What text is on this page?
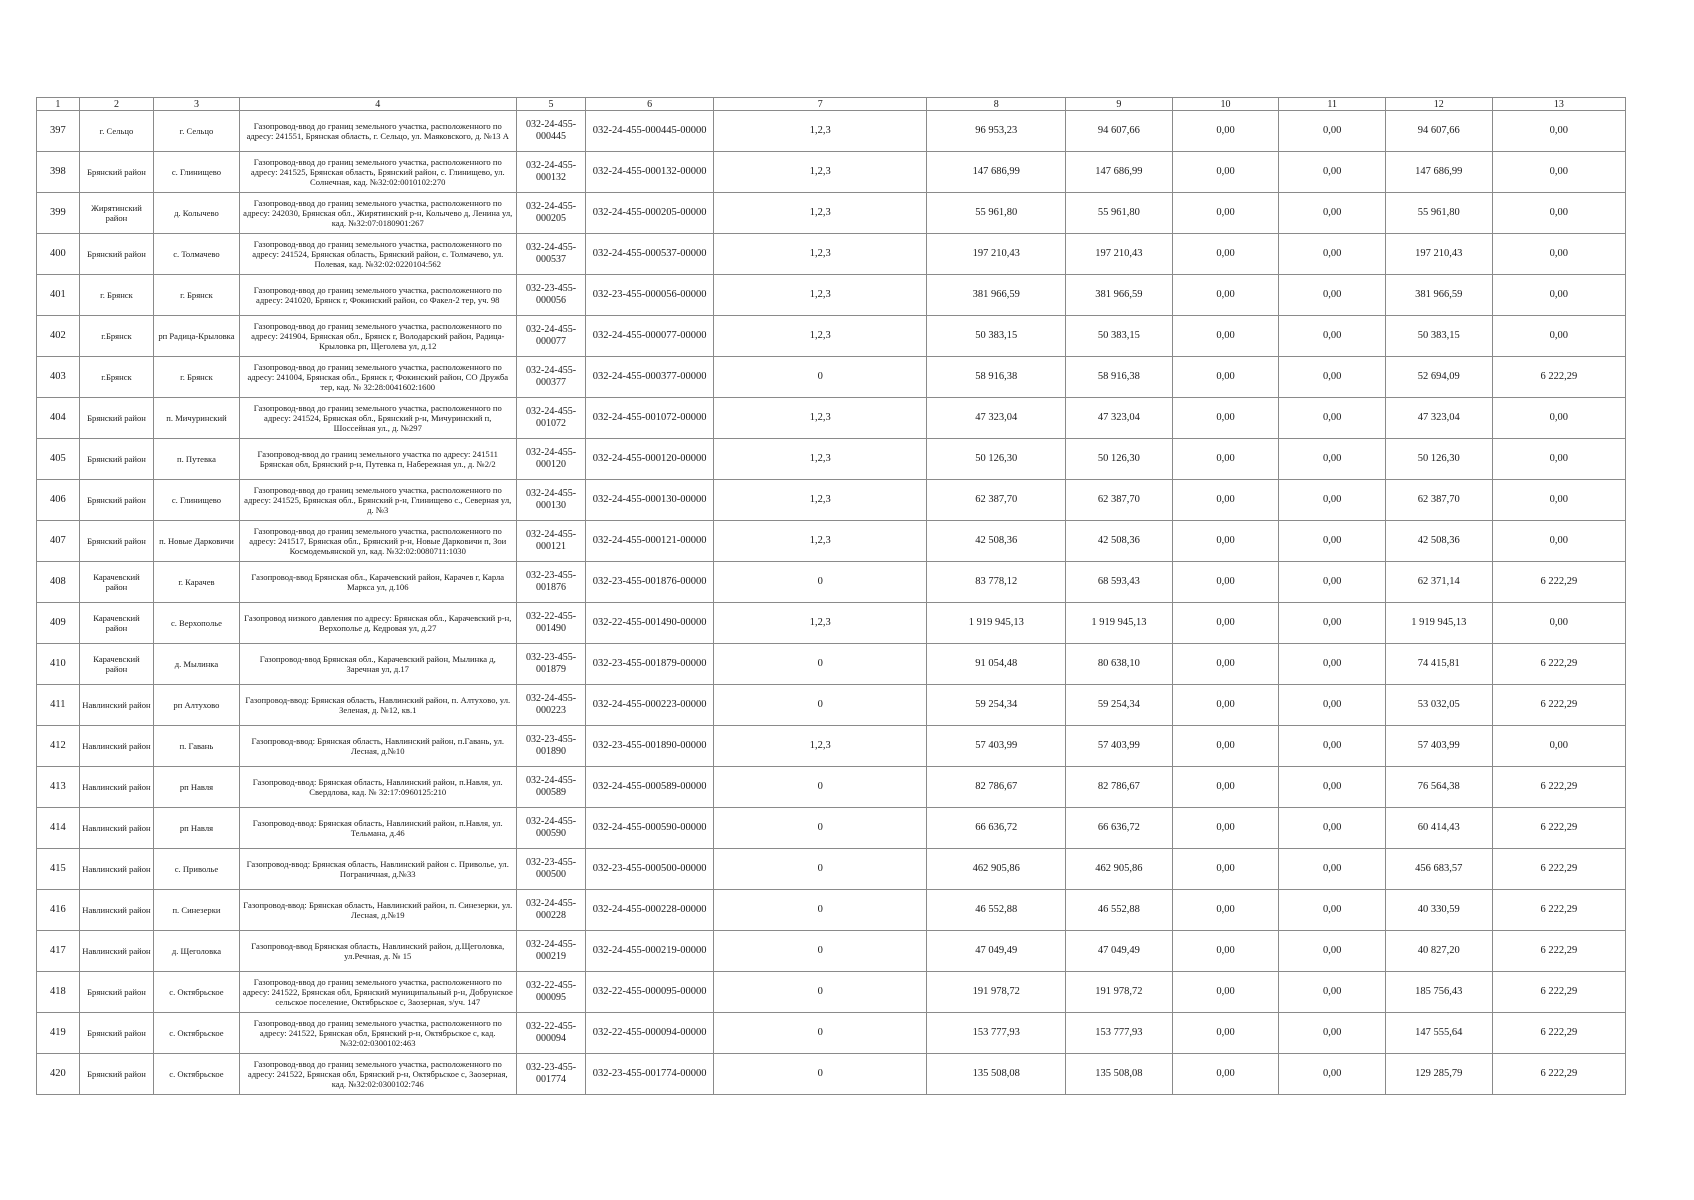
1	2	3	4	5	6	7	8	9	10	11	12	13
397	г. Сельцо	г. Сельцо	Газопровод-ввод до границ земельного участка, расположенного по адресу: 241551, Брянская область, г. Сельцо, ул. Маяковского, д. №13 А	032-24-455-000445	032-24-455-000445-00000	1,2,3	96 953,23	94 607,66	0,00	0,00	94 607,66	0,00
398	Брянский район	с. Глинищево	Газопровод-ввод до границ земельного участка, расположенного по адресу: 241525, Брянская область, Брянский район, с. Глинищево, ул. Солнечная, кад. №32:02:0010102:270	032-24-455-000132	032-24-455-000132-00000	1,2,3	147 686,99	147 686,99	0,00	0,00	147 686,99	0,00
399	Жирятинский район	д. Колычево	Газопровод-ввод до границ земельного участка, расположенного по адресу: 242030, Брянская обл., Жирятинский р-н, Колычево д, Ленина ул, кад. №32:07:0180901:267	032-24-455-000205	032-24-455-000205-00000	1,2,3	55 961,80	55 961,80	0,00	0,00	55 961,80	0,00
400	Брянский район	с. Толмачево	Газопровод-ввод до границ земельного участка, расположенного по адресу: 241524, Брянская область, Брянский район, с. Толмачево, ул. Полевая, кад. №32:02:0220104:562	032-24-455-000537	032-24-455-000537-00000	1,2,3	197 210,43	197 210,43	0,00	0,00	197 210,43	0,00
401	г. Брянск	г. Брянск	Газопровод-ввод до границ земельного участка, расположенного по адресу: 241020, Брянск г, Фокинский район, со Факел-2 тер, уч. 98	032-23-455-000056	032-23-455-000056-00000	1,2,3	381 966,59	381 966,59	0,00	0,00	381 966,59	0,00
402	г.Брянск	рп Радица-Крыловка	Газопровод-ввод до границ земельного участка, расположенного по адресу: 241904, Брянская обл., Брянск г, Володарский район, Радица-Крыловка рп, Щеголева ул, д.12	032-24-455-000077	032-24-455-000077-00000	1,2,3	50 383,15	50 383,15	0,00	0,00	50 383,15	0,00
403	г.Брянск	г. Брянск	Газопровод-ввод до границ земельного участка, расположенного по адресу: 241004, Брянская обл., Брянск г, Фокинский район, СО Дружба тер, кад. № 32:28:0041602:1600	032-24-455-000377	032-24-455-000377-00000	0	58 916,38	58 916,38	0,00	0,00	52 694,09	6 222,29
404	Брянский район	п. Мичуринский	Газопровод-ввод до границ земельного участка, расположенного по адресу: 241524, Брянская обл., Брянский р-н, Мичуринский п, Шоссейная ул., д. №297	032-24-455-001072	032-24-455-001072-00000	1,2,3	47 323,04	47 323,04	0,00	0,00	47 323,04	0,00
405	Брянский район	п. Путевка	Газопровод-ввод до границ земельного участка по адресу: 241511 Брянская обл, Брянский р-н, Путевка п, Набережная ул., д. №2/2	032-24-455-000120	032-24-455-000120-00000	1,2,3	50 126,30	50 126,30	0,00	0,00	50 126,30	0,00
406	Брянский район	с. Глинищево	Газопровод-ввод до границ земельного участка, расположенного по адресу: 241525, Брянская обл., Брянский р-н, Глинищево с., Северная ул, д. №3	032-24-455-000130	032-24-455-000130-00000	1,2,3	62 387,70	62 387,70	0,00	0,00	62 387,70	0,00
407	Брянский район	п. Новые Дарковичи	Газопровод-ввод до границ земельного участка, расположенного по адресу: 241517, Брянская обл., Брянский р-н, Новые Дарковичи п, Зои Космодемьянской ул, кад. №32:02:0080711:1030	032-24-455-000121	032-24-455-000121-00000	1,2,3	42 508,36	42 508,36	0,00	0,00	42 508,36	0,00
408	Карачевский район	г. Карачев	Газопровод-ввод Брянская обл., Карачевский район, Карачев г, Карла Маркса ул, д.106	032-23-455-001876	032-23-455-001876-00000	0	83 778,12	68 593,43	0,00	0,00	62 371,14	6 222,29
409	Карачевский район	с. Верхополье	Газопровод низкого давления по адресу: Брянская обл., Карачевский р-н, Верхополье д, Кедровая ул, д.27	032-22-455-001490	032-22-455-001490-00000	1,2,3	1 919 945,13	1 919 945,13	0,00	0,00	1 919 945,13	0,00
410	Карачевский район	д. Мылинка	Газопровод-ввод Брянская обл., Карачевский район, Мылинка д, Заречная ул, д.17	032-23-455-001879	032-23-455-001879-00000	0	91 054,48	80 638,10	0,00	0,00	74 415,81	6 222,29
411	Навлинский район	рп Алтухово	Газопровод-ввод: Брянская область, Навлинский район, п. Алтухово, ул. Зеленая, д. №12, кв.1	032-24-455-000223	032-24-455-000223-00000	0	59 254,34	59 254,34	0,00	0,00	53 032,05	6 222,29
412	Навлинский район	п. Гавань	Газопровод-ввод: Брянская область, Навлинский район, п.Гавань, ул. Лесная, д.№10	032-23-455-001890	032-23-455-001890-00000	1,2,3	57 403,99	57 403,99	0,00	0,00	57 403,99	0,00
413	Навлинский район	рп Навля	Газопровод-ввод: Брянская область, Навлинский район, п.Навля, ул. Свердлова, кад. № 32:17:0960125:210	032-24-455-000589	032-24-455-000589-00000	0	82 786,67	82 786,67	0,00	0,00	76 564,38	6 222,29
414	Навлинский район	рп Навля	Газопровод-ввод: Брянская область, Навлинский район, п.Навля, ул. Тельмана, д.46	032-24-455-000590	032-24-455-000590-00000	0	66 636,72	66 636,72	0,00	0,00	60 414,43	6 222,29
415	Навлинский район	с. Приволье	Газопровод-ввод: Брянская область, Навлинский район с. Приволье, ул. Пограничная, д.№33	032-23-455-000500	032-23-455-000500-00000	0	462 905,86	462 905,86	0,00	0,00	456 683,57	6 222,29
416	Навлинский район	п. Синезерки	Газопровод-ввод: Брянская область, Навлинский район, п. Синезерки, ул. Лесная, д.№19	032-24-455-000228	032-24-455-000228-00000	0	46 552,88	46 552,88	0,00	0,00	40 330,59	6 222,29
417	Навлинский район	д. Щеголовка	Газопровод-ввод Брянская область, Навлинский район, д.Щеголовка, ул.Речная, д. № 15	032-24-455-000219	032-24-455-000219-00000	0	47 049,49	47 049,49	0,00	0,00	40 827,20	6 222,29
418	Брянский район	с. Октябрьское	Газопровод-ввод до границ земельного участка, расположенного по адресу: 241522, Брянская обл, Брянский муниципальный р-н, Добрунское сельское поселение, Октябрьское с, Заозерная, з/уч. 147	032-22-455-000095	032-22-455-000095-00000	0	191 978,72	191 978,72	0,00	0,00	185 756,43	6 222,29
419	Брянский район	с. Октябрьское	Газопровод-ввод до границ земельного участка, расположенного по адресу: 241522, Брянская обл, Брянский р-н, Октябрьское с, кад. №32:02:0300102:463	032-22-455-000094	032-22-455-000094-00000	0	153 777,93	153 777,93	0,00	0,00	147 555,64	6 222,29
420	Брянский район	с. Октябрьское	Газопровод-ввод до границ земельного участка, расположенного по адресу: 241522, Брянская обл, Брянский р-н, Октябрьское с, Заозерная, кад. №32:02:0300102:746	032-23-455-001774	032-23-455-001774-00000	0	135 508,08	135 508,08	0,00	0,00	129 285,79	6 222,29
